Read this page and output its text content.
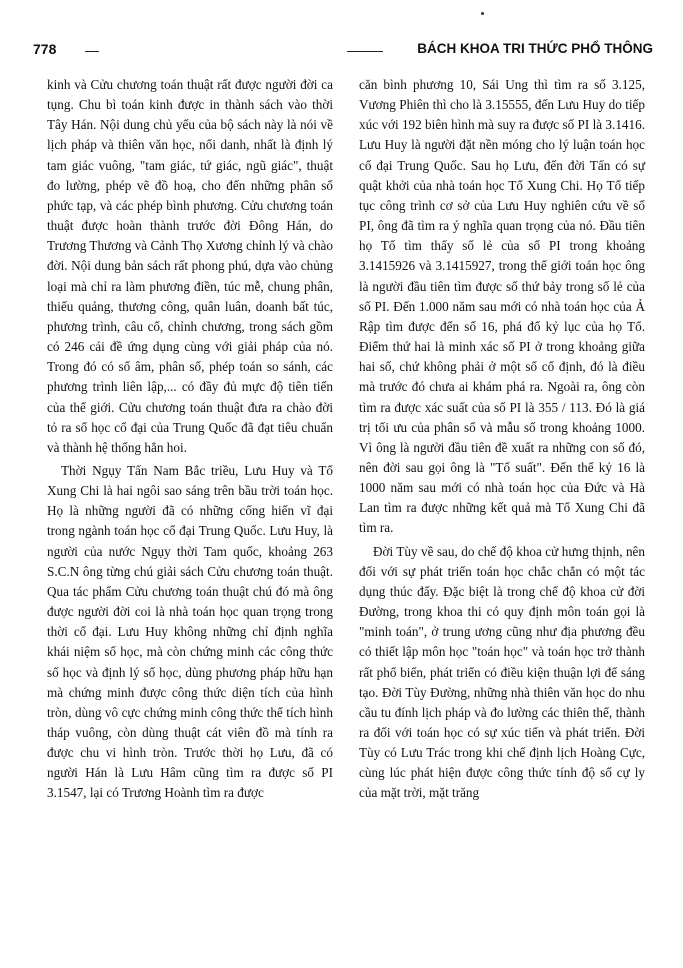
778	BÁCH KHOA TRI THỨC PHỔ THÔNG

kinh và Cửu chương toán thuật rất được người đời ca tụng. Chu bì toán kinh được in thành sách vào thời Tây Hán. Nội dung chủ yếu của bộ sách này là nói về lịch pháp và thiên văn học, nổi danh, nhất là định lý tam giác vuông, "tam giác, tứ giác, ngũ giác", thuật đo lường, phép vẽ đồ hoạ, cho đến những phân số phức tạp, và các phép bình phương. Cửu chương toán thuật được hoàn thành trước đời Đông Hán, do Trương Thương và Cảnh Thọ Xương chỉnh lý và chào đời. Nội dung bản sách rất phong phú, dựa vào chủng loại mà chỉ ra làm phương điền, túc mễ, chung phân, thiếu quảng, thương công, quân luân, doanh bất túc, phương trình, câu cổ, chỉnh chương, trong sách gồm có 246 cái đề ứng dụng cùng với giải pháp của nó. Trong đó có số âm, phân số, phép toán so sánh, các phương trình liên lập,... có đầy đủ mực độ tiên tiến của thế giới. Cửu chương toán thuật đưa ra chào đời tỏ ra số học cổ đại của Trung Quốc đã đạt tiêu chuẩn và thành hệ thống hẳn hoi.

Thời Ngụy Tấn Nam Bắc triều, Lưu Huy và Tổ Xung Chi là hai ngôi sao sáng trên bầu trời toán học. Họ là những người đã có những cống hiến vĩ đại trong ngành toán học cổ đại Trung Quốc. Lưu Huy, là người của nước Ngụy thời Tam quốc, khoảng 263 S.C.N ông từng chú giải sách Cửu chương toán thuật. Qua tác phẩm Cửu chương toán thuật chú đó mà ông được người đời coi là nhà toán học quan trọng trong thời cổ đại. Lưu Huy không những chỉ định nghĩa khái niệm số học, mà còn chứng minh các công thức số học và định lý số học, dùng phương pháp hữu hạn mà chứng minh được công thức diện tích của hình tròn, dùng vô cực chứng minh công thức thể tích hình tháp vuông, còn dùng thuật cát viên đồ mà tính ra được chu vi hình tròn. Trước thời họ Lưu, đã có người Hán là Lưu Hâm cũng tìm ra được số PI 3.1547, lại có Trương Hoành tìm ra được

căn bình phương 10, Sái Ung thì tìm ra số 3.125, Vương Phiên thì cho là 3.15555, đến Lưu Huy do tiếp xúc với 192 biên hình mà suy ra được số PI là 3.1416. Lưu Huy là người đặt nền móng cho lý luận toán học cổ đại Trung Quốc. Sau họ Lưu, đến đời Tấn có sự quật khởi của nhà toán học Tổ Xung Chi. Họ Tổ tiếp tục công trình cơ sở của Lưu Huy nghiên cứu về số PI, ông đã tìm ra ý nghĩa quan trọng của nó. Đầu tiên họ Tổ tìm thấy số lẻ của số PI trong khoảng 3.1415926 và 3.1415927, trong thế giới toán học ông là người đầu tiên tìm được số thứ bảy trong số lẻ của số PI. Đến 1.000 năm sau mới có nhà toán học của Ả Rập tìm được đến số 16, phá đổ kỷ lục của họ Tổ. Điểm thứ hai là minh xác số PI ở trong khoảng giữa hai số, chứ không phải ở một số cố định, đó là điều mà trước đó chưa ai khám phá ra. Ngoài ra, ông còn tìm ra được xác suất của số PI là 355 / 113. Đó là giá trị tối ưu của phân số và mẫu số trong khoảng 1000. Vì ông là người đầu tiên đề xuất ra những con số đó, nên đời sau gọi ông là "Tổ suất". Đến thế kỷ 16 là 1000 năm sau mới có nhà toán học của Đức và Hà Lan tìm ra được những kết quả mà Tổ Xung Chi đã tìm ra.

Đời Tùy về sau, do chế độ khoa cử hưng thịnh, nên đối với sự phát triển toán học chắc chắn có một tác dụng thúc đẩy. Đặc biệt là trong chế độ khoa cử đời Đường, trong khoa thi có quy định môn toán gọi là "minh toán", ở trung ương cũng như địa phương đều có thiết lập môn học "toán học" và toán học trở thành rất phổ biến, phát triển có điều kiện thuận lợi để sáng tạo. Đời Tùy Đường, những nhà thiên văn học do nhu cầu tu đính lịch pháp và đo lường các thiên thể, thành ra đối với toán học có sự xúc tiến và phát triển. Đời Tùy có Lưu Trác trong khi chế định lịch Hoàng Cực, cùng lúc phát hiện được công thức tính độ số cự ly của mặt trời, mặt trăng
